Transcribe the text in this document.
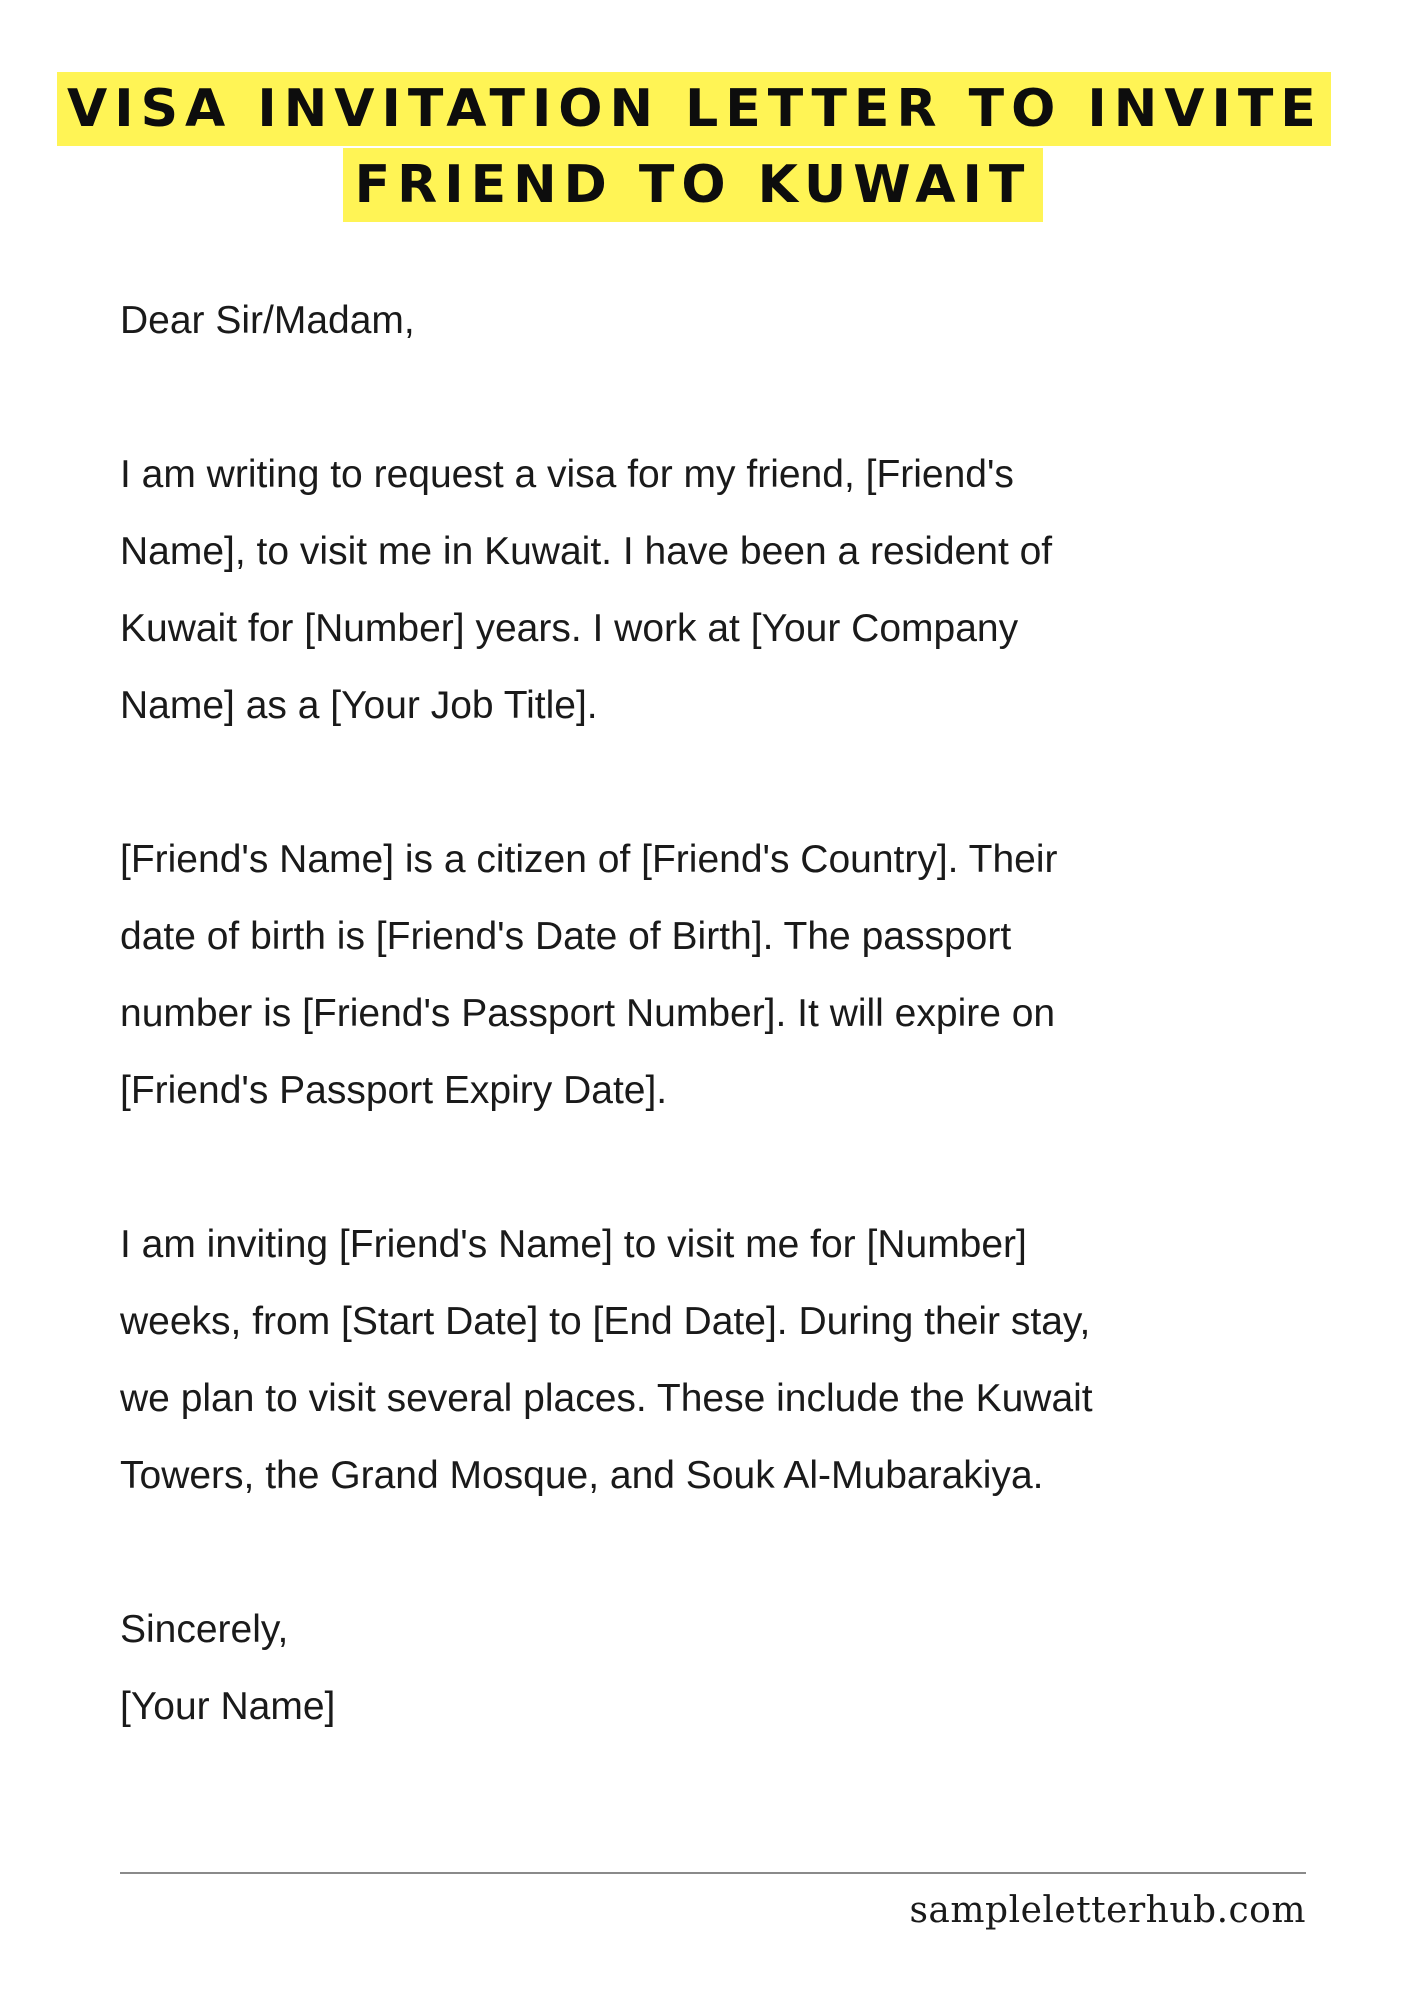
VISA INVITATION LETTER TO INVITE
FRIEND TO KUWAIT

Dear Sir/Madam,

I am writing to request a visa for my friend, [Friend's
Name], to visit me in Kuwait. I have been a resident of
Kuwait for [Number] years. I work at [Your Company
Name] as a [Your Job Title].

[Friend's Name] is a citizen of [Friend's Country]. Their
date of birth is [Friend's Date of Birth]. The passport
number is [Friend's Passport Number]. It will expire on
[Friend's Passport Expiry Date].

I am inviting [Friend's Name] to visit me for [Number]
weeks, from [Start Date] to [End Date]. During their stay,
we plan to visit several places. These include the Kuwait
Towers, the Grand Mosque, and Souk Al-Mubarakiya.

Sincerely,

[Your Name]

sampleletterhub.com
